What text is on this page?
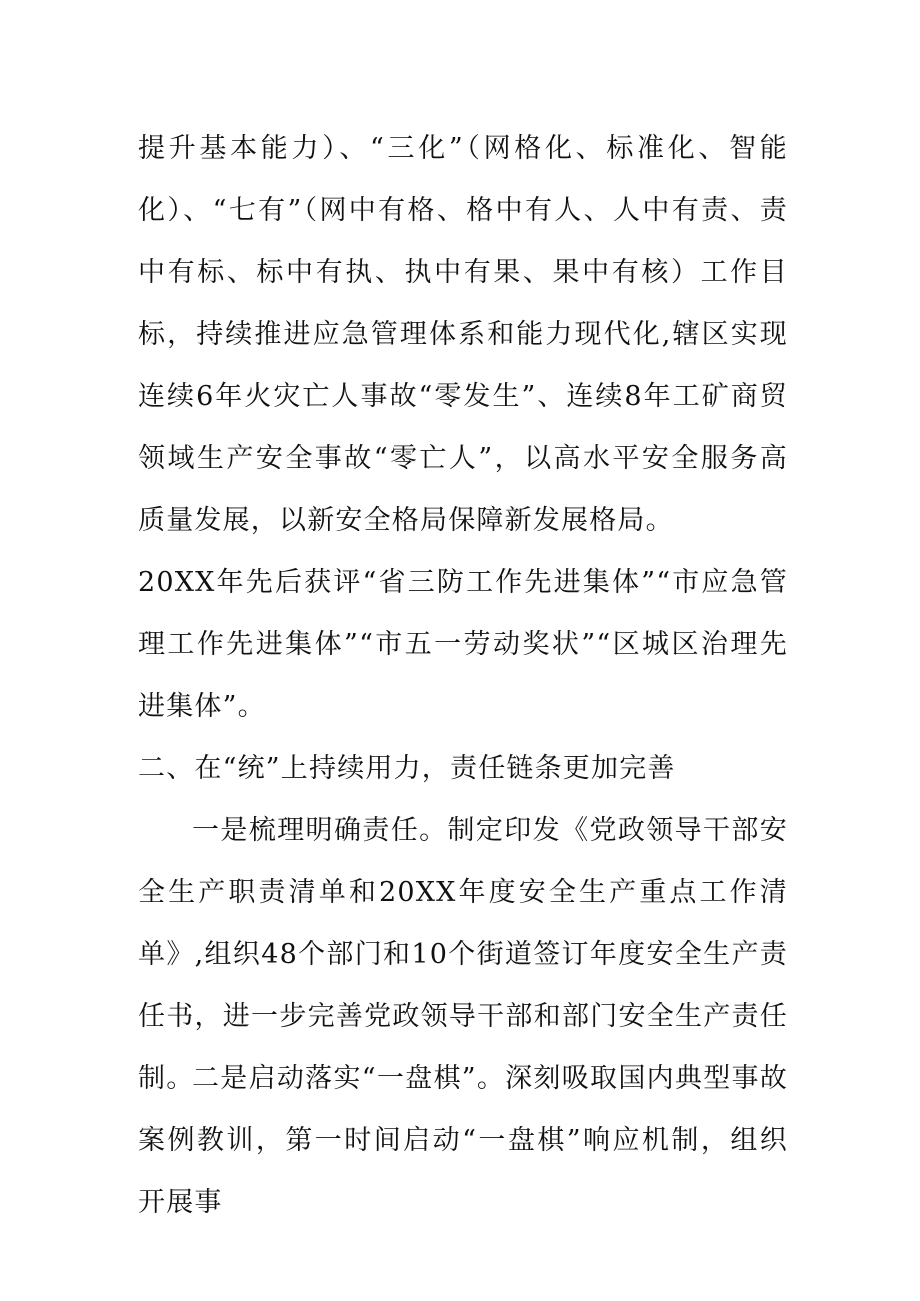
提升基本能力）、“三化”（网格化、标准化、智能化）、“七有”（网中有格、格中有人、人中有责、责中有标、标中有执、执中有果、果中有核）工作目标，持续推进应急管理体系和能力现代化,辖区实现连续6年火灾亡人事故“零发生”、连续8年工矿商贸领域生产安全事故“零亡人”，以高水平安全服务高质量发展，以新安全格局保障新发展格局。

20XX年先后获评“省三防工作先进集体”“市应急管理工作先进集体”“市五一劳动奖状”“区城区治理先进集体”。

二、在“统”上持续用力，责任链条更加完善

一是梳理明确责任。制定印发《党政领导干部安全生产职责清单和20XX年度安全生产重点工作清单》,组织48个部门和10个街道签订年度安全生产责任书，进一步完善党政领导干部和部门安全生产责任制。

二是启动落实“一盘棋”。深刻吸取国内典型事故案例教训，第一时间启动“一盘棋”响应机制，组织开展事
